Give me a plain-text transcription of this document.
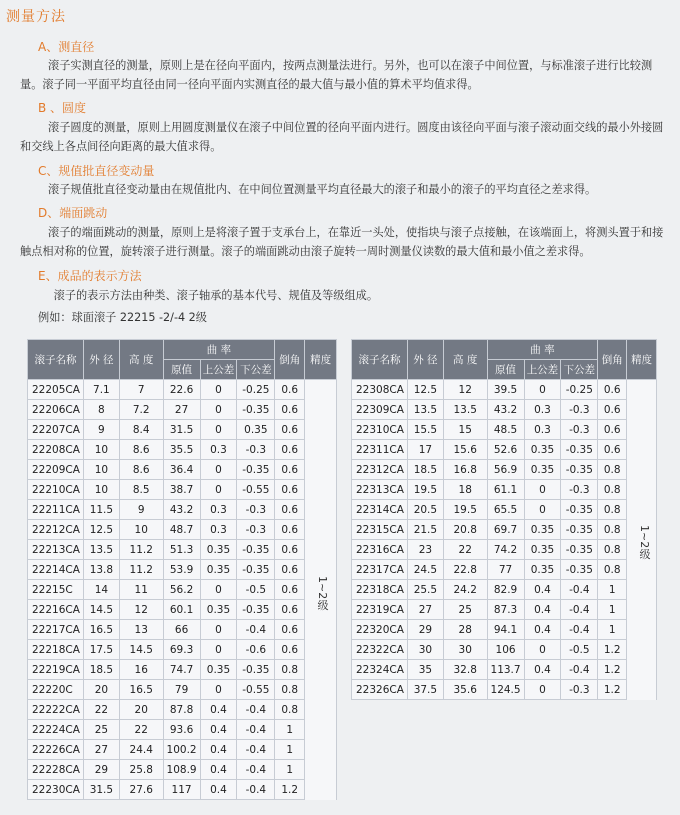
测量方法
A、测直径
滚子实测直径的测量，原则上是在径向平面内，按两点测量法进行。另外，也可以在滚子中间位置，与标准滚子进行比较测量。滚子同一平面平均直径由同一径向平面内实测直径的最大值与最小值的算术平均值求得。
B 、圆度
滚子圆度的测量，原则上用圆度测量仪在滚子中间位置的径向平面内进行。圆度由该径向平面与滚子滚动面交线的最小外接圆和交线上各点间径向距离的最大值求得。
C、规值批直径变动量
滚子规值批直径变动量由在规值批内、在中间位置测量平均直径最大的滚子和最小的滚子的平均直径之差求得。
D、端面跳动
滚子的端面跳动的测量，原则上是将滚子置于支承台上，在靠近一头处，使指块与滚子点接触，在该端面上，将测头置于和接触点相对称的位置，旋转滚子进行测量。滚子的端面跳动由滚子旋转一周时测量仪读数的最大值和最小值之差求得。
E、成品的表示方法
滚子的表示方法由种类、滚子轴承的基本代号、规值及等级组成。
例如：球面滚子 22215 -2/-4 2级
滚子名称	外 径	高 度	曲 率			倒角	精度
			原值	上公差	下公差		
22205CA	7.1	7	22.6	0	-0.25	0.6	
22206CA	8	7.2	27	0	-0.35	0.6	
22207CA	9	8.4	31.5	0	0.35	0.6	
22208CA	10	8.6	35.5	0.3	-0.3	0.6	
22209CA	10	8.6	36.4	0	-0.35	0.6	
22210CA	10	8.5	38.7	0	-0.55	0.6	
22211CA	11.5	9	43.2	0.3	-0.3	0.6	
22212CA	12.5	10	48.7	0.3	-0.3	0.6	
22213CA	13.5	11.2	51.3	0.35	-0.35	0.6	
22214CA	13.8	11.2	53.9	0.35	-0.35	0.6	
22215C	14	11	56.2	0	-0.5	0.6	
22216CA	14.5	12	60.1	0.35	-0.35	0.6	
22217CA	16.5	13	66	0	-0.4	0.6	
22218CA	17.5	14.5	69.3	0	-0.6	0.6	
22219CA	18.5	16	74.7	0.35	-0.35	0.8	
22220C	20	16.5	79	0	-0.55	0.8	
22222CA	22	20	87.8	0.4	-0.4	0.8	
22224CA	25	22	93.6	0.4	-0.4	1	
22226CA	27	24.4	100.2	0.4	-0.4	1	
22228CA	29	25.8	108.9	0.4	-0.4	1	
22230CA	31.5	27.6	117	0.4	-0.4	1.2	
滚子名称	外 径	高 度	曲 率			倒角	精度
			原值	上公差	下公差		
22308CA	12.5	12	39.5	0	-0.25	0.6	
22309CA	13.5	13.5	43.2	0.3	-0.3	0.6	
22310CA	15.5	15	48.5	0.3	-0.3	0.6	
22311CA	17	15.6	52.6	0.35	-0.35	0.6	
22312CA	18.5	16.8	56.9	0.35	-0.35	0.8	
22313CA	19.5	18	61.1	0	-0.3	0.8	
22314CA	20.5	19.5	65.5	0	-0.35	0.8	
22315CA	21.5	20.8	69.7	0.35	-0.35	0.8	
22316CA	23	22	74.2	0.35	-0.35	0.8	
22317CA	24.5	22.8	77	0.35	-0.35	0.8	
22318CA	25.5	24.2	82.9	0.4	-0.4	1	
22319CA	27	25	87.3	0.4	-0.4	1	
22320CA	29	28	94.1	0.4	-0.4	1	
22322CA	30	30	106	0	-0.5	1.2	
22324CA	35	32.8	113.7	0.4	-0.4	1.2	
22326CA	37.5	35.6	124.5	0	-0.3	1.2	
1~2级
1~2级
